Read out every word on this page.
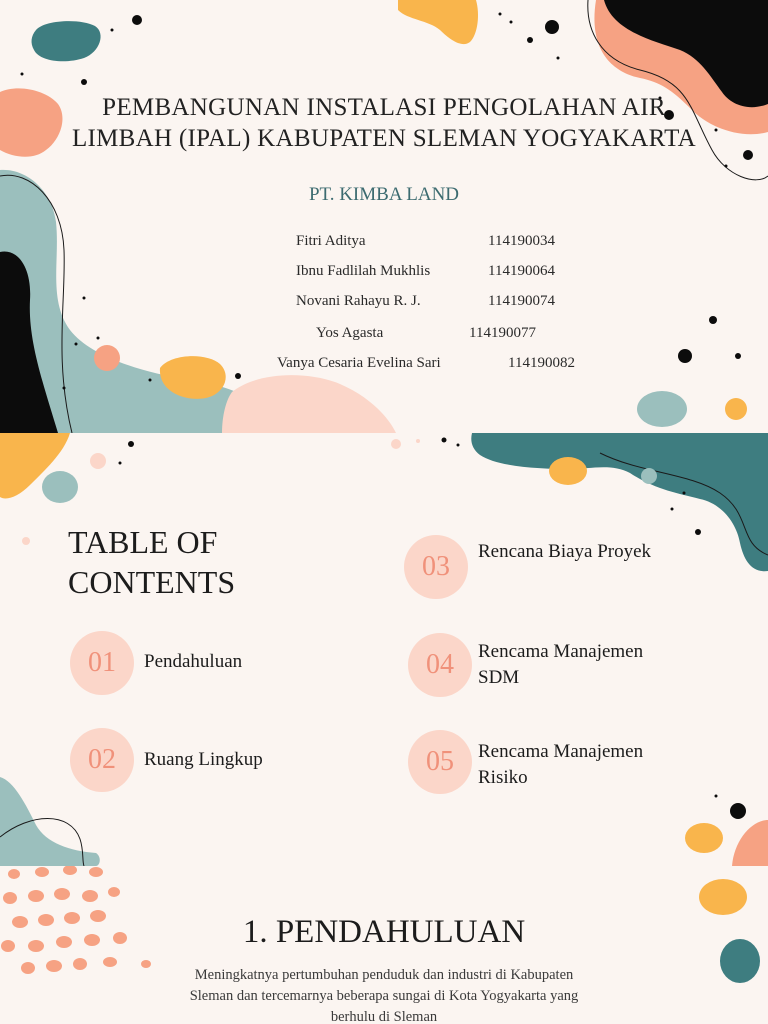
PEMBANGUNAN INSTALASI PENGOLAHAN AIR
LIMBAH (IPAL) KABUPATEN SLEMAN YOGYAKARTA
PT. KIMBA LAND
Fitri Aditya	114190034
Ibnu Fadlilah Mukhlis	114190064
Novani Rahayu R. J.	114190074
Yos Agasta	114190077
Vanya Cesaria Evelina Sari	114190082
TABLE OF
CONTENTS	03	Rencana Biaya Proyek
01	Pendahuluan	04	Rencama Manajemen
SDM
02	Ruang Lingkup	05	Rencama Manajemen
Risiko
1. PENDAHULUAN
Meningkatnya pertumbuhan penduduk dan industri di Kabupaten
Sleman dan tercemarnya beberapa sungai di Kota Yogyakarta yang
berhulu di Sleman
